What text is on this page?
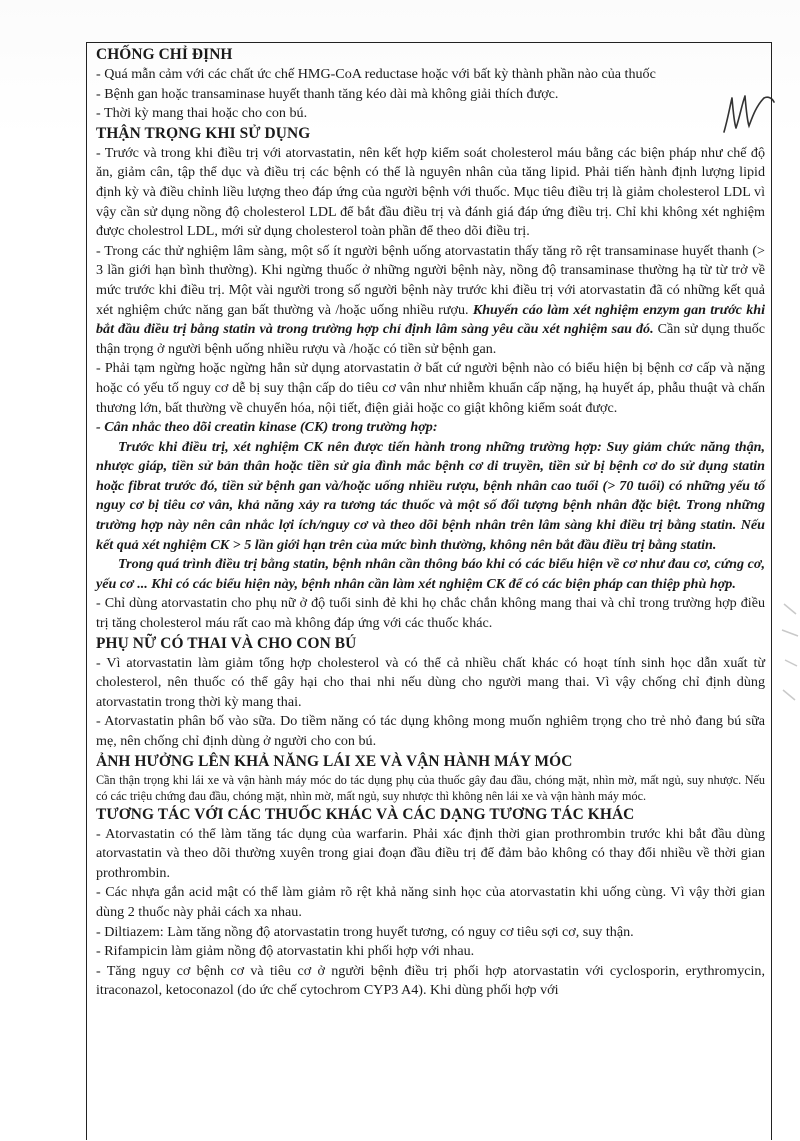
CHỐNG CHỈ ĐỊNH

- Quá mẫn cảm với các chất ức chế HMG-CoA reductase hoặc với bất kỳ thành phần nào của thuốc

- Bệnh gan hoặc transaminase huyết thanh tăng kéo dài mà không giải thích được.

- Thời kỳ mang thai hoặc cho con bú.

THẬN TRỌNG KHI SỬ DỤNG

- Trước và trong khi điều trị với atorvastatin, nên kết hợp kiểm soát cholesterol máu bằng các biện pháp như chế độ ăn, giảm cân, tập thể dục và điều trị các bệnh có thể là nguyên nhân của tăng lipid. Phải tiến hành định lượng lipid định kỳ và điều chỉnh liều lượng theo đáp ứng của người bệnh với thuốc. Mục tiêu điều trị là giảm cholesterol LDL vì vậy cần sử dụng nồng độ cholesterol LDL để bắt đầu điều trị và đánh giá đáp ứng điều trị. Chỉ khi không xét nghiệm được cholestrol LDL, mới sử dụng cholesterol toàn phần để theo dõi điều trị.

- Trong các thử nghiệm lâm sàng, một số ít người bệnh uống atorvastatin thấy tăng rõ rệt transaminase huyết thanh (> 3 lần giới hạn bình thường). Khi ngừng thuốc ở những người bệnh này, nồng độ transaminase thường hạ từ từ trở về mức trước khi điều trị. Một vài người trong số người bệnh này trước khi điều trị với atorvastatin đã có những kết quả xét nghiệm chức năng gan bất thường và /hoặc uống nhiều rượu. Khuyến cáo làm xét nghiệm enzym gan trước khi bắt đầu điều trị bằng statin và trong trường hợp chỉ định lâm sàng yêu cầu xét nghiệm sau đó. Cần sử dụng thuốc thận trọng ở người bệnh uống nhiều rượu và /hoặc có tiền sử bệnh gan.

- Phải tạm ngừng hoặc ngừng hẳn sử dụng atorvastatin ở bất cứ người bệnh nào có biểu hiện bị bệnh cơ cấp và nặng hoặc có yếu tố nguy cơ dễ bị suy thận cấp do tiêu cơ vân như nhiễm khuẩn cấp nặng, hạ huyết áp, phẫu thuật và chấn thương lớn, bất thường về chuyển hóa, nội tiết, điện giải hoặc co giật không kiểm soát được.

- Cân nhắc theo dõi creatin kinase (CK) trong trường hợp:

Trước khi điều trị, xét nghiệm CK nên được tiến hành trong những trường hợp: Suy giảm chức năng thận, nhược giáp, tiền sử bản thân hoặc tiền sử gia đình mắc bệnh cơ di truyền, tiền sử bị bệnh cơ do sử dụng statin hoặc fibrat trước đó, tiền sử bệnh gan và/hoặc uống nhiều rượu, bệnh nhân cao tuổi (> 70 tuổi) có những yếu tố nguy cơ bị tiêu cơ vân, khả năng xảy ra tương tác thuốc và một số đối tượng bệnh nhân đặc biệt. Trong những trường hợp này nên cân nhắc lợi ích/nguy cơ và theo dõi bệnh nhân trên lâm sàng khi điều trị bằng statin. Nếu kết quả xét nghiệm CK > 5 lần giới hạn trên của mức bình thường, không nên bắt đầu điều trị bằng statin.

Trong quá trình điều trị bằng statin, bệnh nhân cần thông báo khi có các biểu hiện về cơ như đau cơ, cứng cơ, yếu cơ ... Khi có các biểu hiện này, bệnh nhân cần làm xét nghiệm CK để có các biện pháp can thiệp phù hợp.

- Chỉ dùng atorvastatin cho phụ nữ ở độ tuổi sinh đẻ khi họ chắc chắn không mang thai và chỉ trong trường hợp điều trị tăng cholesterol máu rất cao mà không đáp ứng với các thuốc khác.

PHỤ NỮ CÓ THAI VÀ CHO CON BÚ

- Vì atorvastatin làm giảm tổng hợp cholesterol và có thể cả nhiều chất khác có hoạt tính sinh học dẫn xuất từ cholesterol, nên thuốc có thể gây hại cho thai nhi nếu dùng cho người mang thai. Vì vậy chống chỉ định dùng atorvastatin trong thời kỳ mang thai.

- Atorvastatin phân bố vào sữa. Do tiềm năng có tác dụng không mong muốn nghiêm trọng cho trẻ nhỏ đang bú sữa mẹ, nên chống chỉ định dùng ở người cho con bú.

ẢNH HƯỞNG LÊN KHẢ NĂNG LÁI XE VÀ VẬN HÀNH MÁY MÓC

Cần thận trọng khi lái xe và vận hành máy móc do tác dụng phụ của thuốc gây đau đầu, chóng mặt, nhìn mờ, mất ngủ, suy nhược. Nếu có các triệu chứng đau đầu, chóng mặt, nhìn mờ, mất ngủ, suy nhược thì không nên lái xe và vận hành máy móc.

TƯƠNG TÁC VỚI CÁC THUỐC KHÁC VÀ CÁC DẠNG TƯƠNG TÁC KHÁC

- Atorvastatin có thể làm tăng tác dụng của warfarin. Phải xác định thời gian prothrombin trước khi bắt đầu dùng atorvastatin và theo dõi thường xuyên trong giai đoạn đầu điều trị để đảm bảo không có thay đổi nhiều về thời gian prothrombin.

- Các nhựa gắn acid mật có thể làm giảm rõ rệt khả năng sinh học của atorvastatin khi uống cùng. Vì vậy thời gian dùng 2 thuốc này phải cách xa nhau.

- Diltiazem: Làm tăng nồng độ atorvastatin trong huyết tương, có nguy cơ tiêu sợi cơ, suy thận.

- Rifampicin làm giảm nồng độ atorvastatin khi phối hợp với nhau.

- Tăng nguy cơ bệnh cơ và tiêu cơ ở người bệnh điều trị phối hợp atorvastatin với cyclosporin, erythromycin, itraconazol, ketoconazol (do ức chế cytochrom CYP3 A4). Khi dùng phối hợp với
